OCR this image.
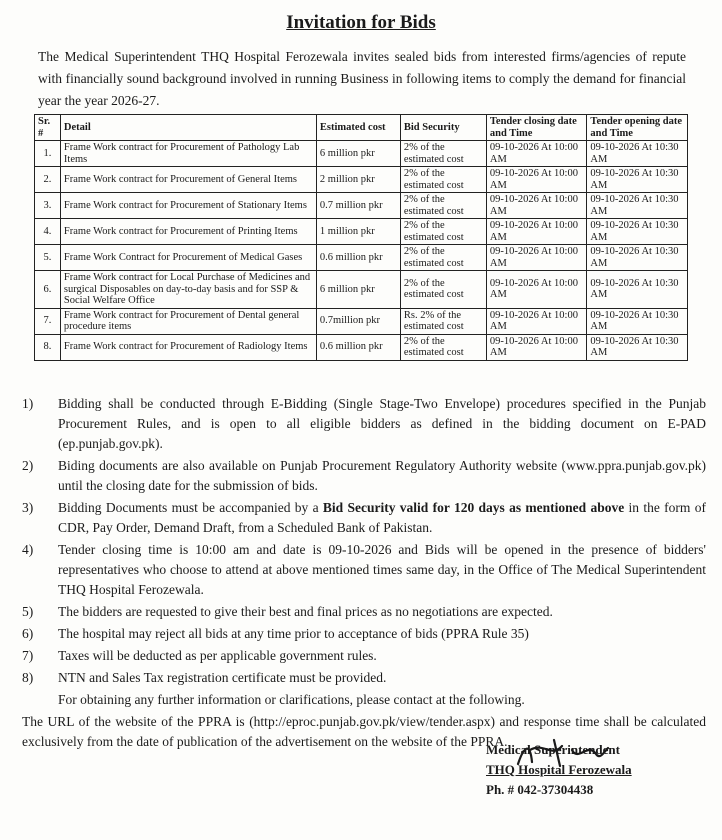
Invitation for Bids
The Medical Superintendent THQ Hospital Ferozewala invites sealed bids from interested firms/agencies of repute with financially sound background involved in running Business in following items to comply the demand for financial year the year 2026-27.
Sr. #	Detail	Estimated cost	Bid Security	Tender closing date and Time	Tender opening date and Time
1.	Frame Work contract for Procurement of Pathology Lab Items	6 million pkr	2% of the estimated cost	09-10-2026 At 10:00 AM	09-10-2026 At 10:30 AM
2.	Frame Work contract for Procurement of General Items	2 million pkr	2% of the estimated cost	09-10-2026 At 10:00 AM	09-10-2026 At 10:30 AM
3.	Frame Work contract for Procurement of Stationary Items	0.7 million pkr	2% of the estimated cost	09-10-2026 At 10:00 AM	09-10-2026 At 10:30 AM
4.	Frame Work contract for Procurement of Printing Items	1 million pkr	2% of the estimated cost	09-10-2026 At 10:00 AM	09-10-2026 At 10:30 AM
5.	Frame Work Contract for Procurement of Medical Gases	0.6 million pkr	2% of the estimated cost	09-10-2026 At 10:00 AM	09-10-2026 At 10:30 AM
6.	Frame Work contract for Local Purchase of Medicines and surgical Disposables on day-to-day basis and for SSP & Social Welfare Office	6 million pkr	2% of the estimated cost	09-10-2026 At 10:00 AM	09-10-2026 At 10:30 AM
7.	Frame Work contract for Procurement of Dental general procedure items	0.7million pkr	Rs. 2% of the estimated cost	09-10-2026 At 10:00 AM	09-10-2026 At 10:30 AM
8.	Frame Work contract for Procurement of Radiology Items	0.6 million pkr	2% of the estimated cost	09-10-2026 At 10:00 AM	09-10-2026 At 10:30 AM
1)	Bidding shall be conducted through E-Bidding (Single Stage-Two Envelope) procedures specified in the Punjab Procurement Rules, and is open to all eligible bidders as defined in the bidding document on E-PAD (ep.punjab.gov.pk).
2)	Biding documents are also available on Punjab Procurement Regulatory Authority website (www.ppra.punjab.gov.pk) until the closing date for the submission of bids.
3)	Bidding Documents must be accompanied by a Bid Security valid for 120 days as mentioned above in the form of CDR, Pay Order, Demand Draft, from a Scheduled Bank of Pakistan.
4)	Tender closing time is 10:00 am and date is 09-10-2026 and Bids will be opened in the presence of bidders' representatives who choose to attend at above mentioned times same day, in the Office of The Medical Superintendent THQ Hospital Ferozewala.
5)	The bidders are requested to give their best and final prices as no negotiations are expected.
6)	The hospital may reject all bids at any time prior to acceptance of bids (PPRA Rule 35)
7)	Taxes will be deducted as per applicable government rules.
8)	NTN and Sales Tax registration certificate must be provided.
For obtaining any further information or clarifications, please contact at the following.
The URL of the website of the PPRA is (http://eproc.punjab.gov.pk/view/tender.aspx) and response time shall be calculated exclusively from the date of publication of the advertisement on the website of the PPRA.
Medical Superintendent
THQ Hospital Ferozewala
Ph. # 042-37304438
